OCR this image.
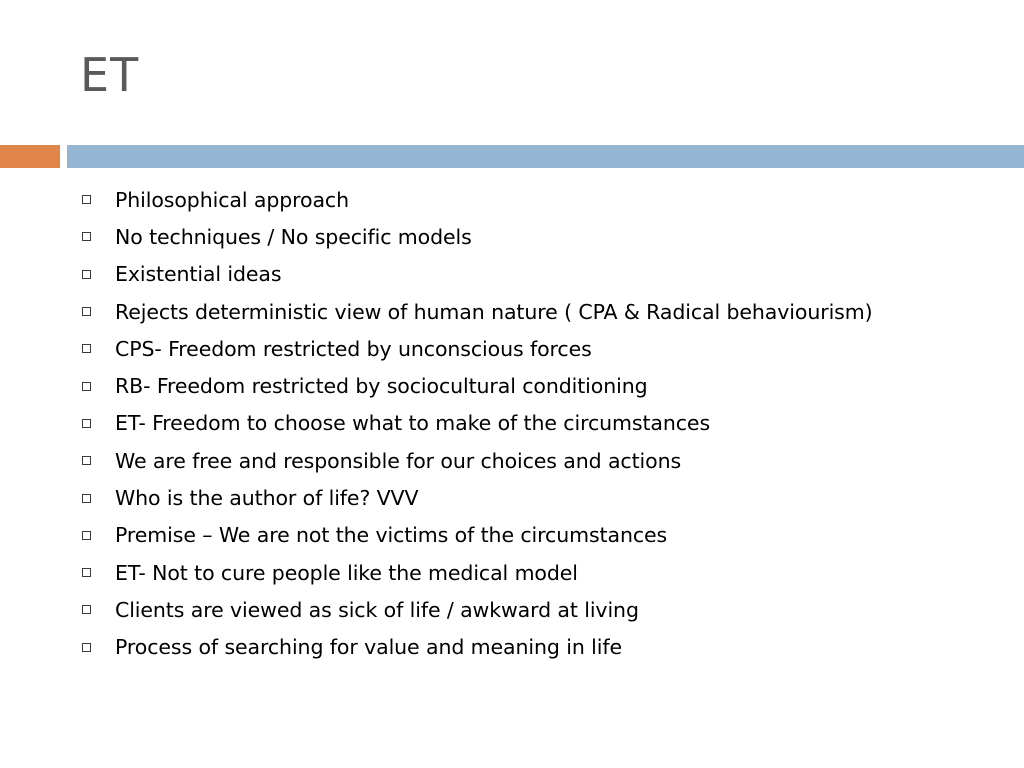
ET
Philosophical approach
No techniques / No specific models
Existential ideas
Rejects deterministic view of human nature ( CPA & Radical behaviourism)
CPS- Freedom restricted by unconscious forces
RB- Freedom restricted by sociocultural conditioning
ET- Freedom to choose what to make of the circumstances
We are free and responsible for our choices and actions
Who is the author of life? VVV
Premise – We are not the victims of the circumstances
ET- Not to cure people like the medical model
Clients are viewed as sick of life / awkward at living
Process of searching for value and meaning in life
